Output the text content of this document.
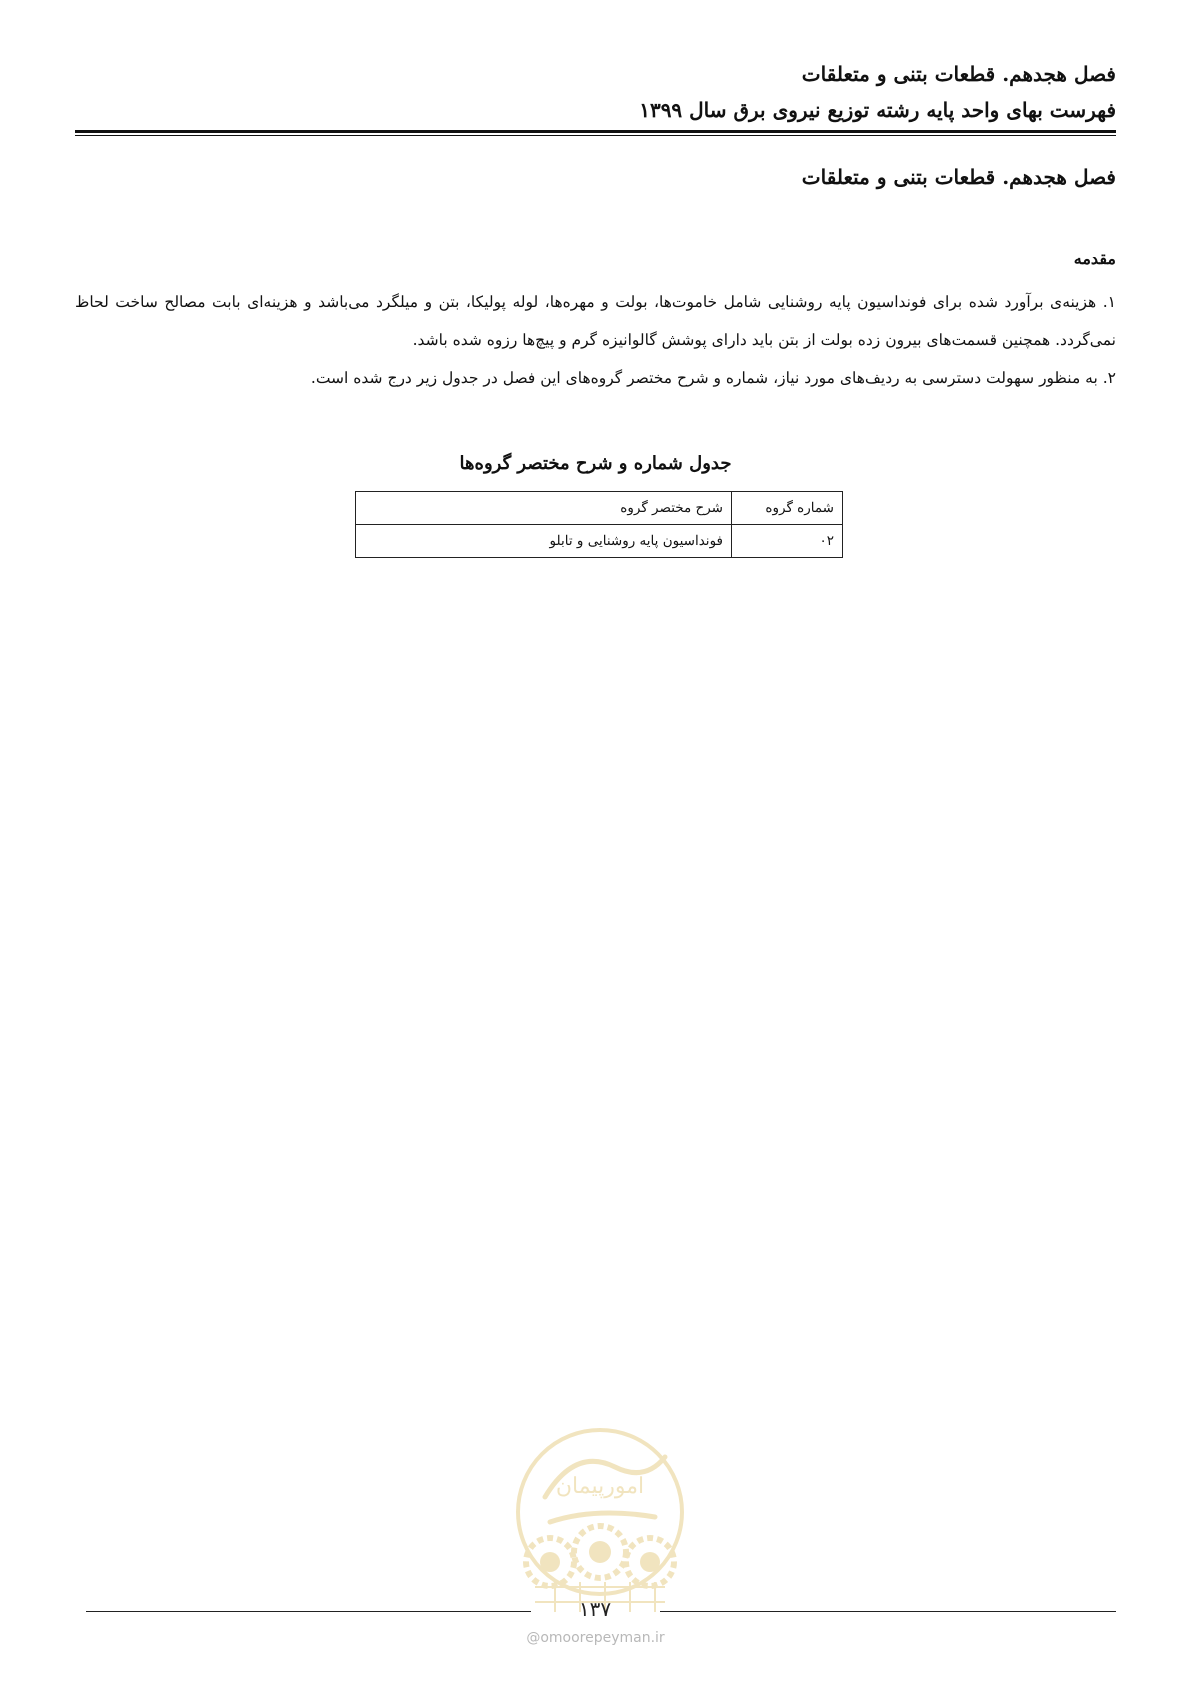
فصل هجدهم. قطعات بتنی و متعلقات
فهرست بهای واحد پایه رشته توزیع نیروی برق سال ۱۳۹۹
فصل هجدهم. قطعات بتنی و متعلقات
مقدمه

۱. هزینه‌ی برآورد شده برای فونداسیون پایه روشنایی شامل خاموت‌ها، بولت و مهره‌ها، لوله پولیکا، بتن و میلگرد می‌باشد و هزینه‌ای بابت مصالح ساخت لحاظ نمی‌گردد. همچنین قسمت‌های بیرون زده بولت از بتن باید دارای پوشش گالوانیزه گرم و پیچ‌ها رزوه شده باشد.

۲. به منظور سهولت دسترسی به ردیف‌های مورد نیاز، شماره و شرح مختصر گروه‌های این فصل در جدول زیر درج شده است.

جدول شماره و شرح مختصر گروه‌ها
شماره گروه	شرح مختصر گروه
۰۲	فونداسیون پایه روشنایی و تابلو
امورپیمان
۱۳۷
@omoorepeyman.ir
